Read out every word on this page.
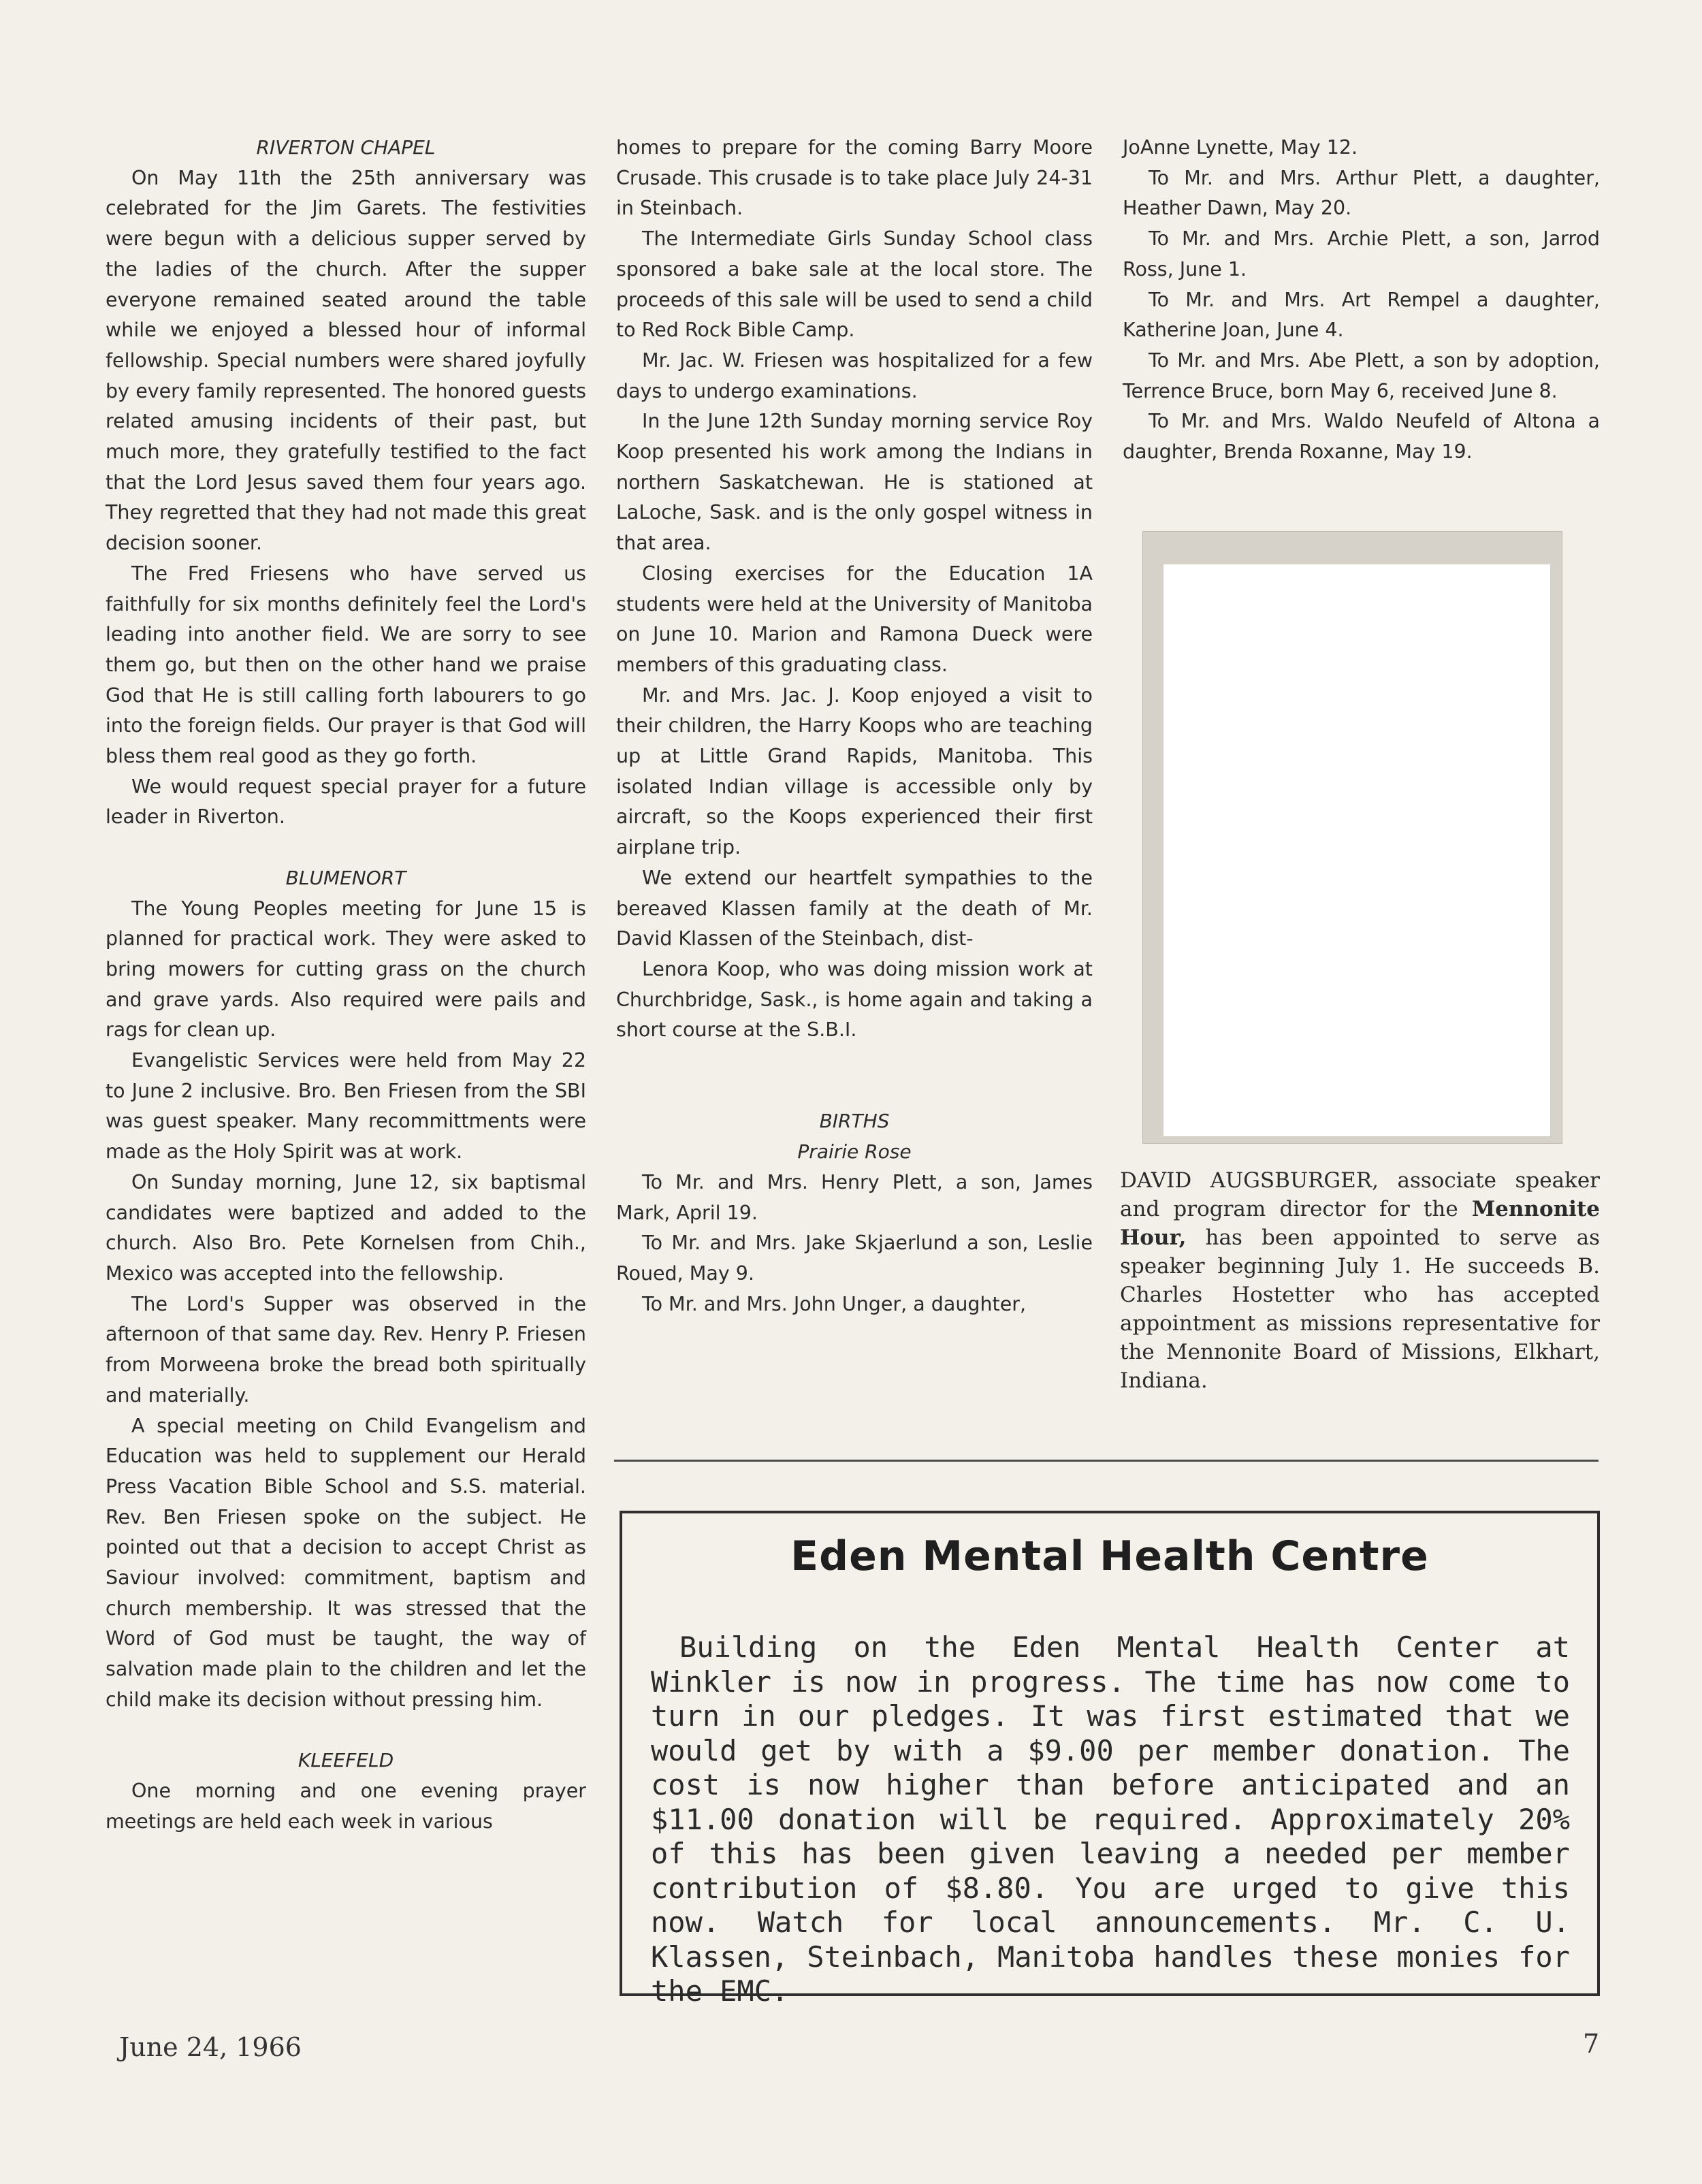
RIVERTON CHAPEL

On May 11th the 25th anniversary was celebrated for the Jim Garets. The festivities were begun with a delicious supper served by the ladies of the church. After the supper everyone remained seated around the table while we enjoyed a blessed hour of informal fellowship. Special numbers were shared joyfully by every family represented. The honored guests related amusing incidents of their past, but much more, they gratefully testified to the fact that the Lord Jesus saved them four years ago. They regretted that they had not made this great decision sooner.

The Fred Friesens who have served us faithfully for six months definitely feel the Lord's leading into another field. We are sorry to see them go, but then on the other hand we praise God that He is still calling forth labourers to go into the foreign fields. Our prayer is that God will bless them real good as they go forth.

We would request special prayer for a future leader in Riverton.

BLUMENORT

The Young Peoples meeting for June 15 is planned for practical work. They were asked to bring mowers for cutting grass on the church and grave yards. Also required were pails and rags for clean up.

Evangelistic Services were held from May 22 to June 2 inclusive. Bro. Ben Friesen from the SBI was guest speaker. Many recommittments were made as the Holy Spirit was at work.

On Sunday morning, June 12, six baptismal candidates were baptized and added to the church. Also Bro. Pete Kornelsen from Chih., Mexico was accepted into the fellowship.

The Lord's Supper was observed in the afternoon of that same day. Rev. Henry P. Friesen from Morweena broke the bread both spiritually and materially.

A special meeting on Child Evangelism and Education was held to supplement our Herald Press Vacation Bible School and S.S. material. Rev. Ben Friesen spoke on the subject. He pointed out that a decision to accept Christ as Saviour involved: commitment, baptism and church membership. It was stressed that the Word of God must be taught, the way of salvation made plain to the children and let the child make its decision without pressing him.

KLEEFELD

One morning and one evening prayer meetings are held each week in various

homes to prepare for the coming Barry Moore Crusade. This crusade is to take place July 24-31 in Steinbach.

The Intermediate Girls Sunday School class sponsored a bake sale at the local store. The proceeds of this sale will be used to send a child to Red Rock Bible Camp.

Mr. Jac. W. Friesen was hospitalized for a few days to undergo examinations.

In the June 12th Sunday morning service Roy Koop presented his work among the Indians in northern Saskatchewan. He is stationed at LaLoche, Sask. and is the only gospel witness in that area.

Closing exercises for the Education 1A students were held at the University of Manitoba on June 10. Marion and Ramona Dueck were members of this graduating class.

Mr. and Mrs. Jac. J. Koop enjoyed a visit to their children, the Harry Koops who are teaching up at Little Grand Rapids, Manitoba. This isolated Indian village is accessible only by aircraft, so the Koops experienced their first airplane trip.

We extend our heartfelt sympathies to the bereaved Klassen family at the death of Mr. David Klassen of the Steinbach, dist-

Lenora Koop, who was doing mission work at Churchbridge, Sask., is home again and taking a short course at the S.B.I.

BIRTHS
Prairie Rose

To Mr. and Mrs. Henry Plett, a son, James Mark, April 19.

To Mr. and Mrs. Jake Skjaerlund a son, Leslie Roued, May 9.

To Mr. and Mrs. John Unger, a daughter,

JoAnne Lynette, May 12.

To Mr. and Mrs. Arthur Plett, a daughter, Heather Dawn, May 20.

To Mr. and Mrs. Archie Plett, a son, Jarrod Ross, June 1.

To Mr. and Mrs. Art Rempel a daughter, Katherine Joan, June 4.

To Mr. and Mrs. Abe Plett, a son by adoption, Terrence Bruce, born May 6, received June 8.

To Mr. and Mrs. Waldo Neufeld of Altona a daughter, Brenda Roxanne, May 19.

DAVID AUGSBURGER, associate speaker and program director for the Mennonite Hour, has been appointed to serve as speaker beginning July 1. He succeeds B. Charles Hostetter who has accepted appointment as missions representative for the Mennonite Board of Missions, Elkhart, Indiana.
Eden Mental Health Centre
Building on the Eden Mental Health Center at Winkler is now in progress. The time has now come to turn in our pledges. It was first estimated that we would get by with a $9.00 per member donation. The cost is now higher than before anticipated and an $11.00 donation will be required. Approximately 20% of this has been given leaving a needed per member contribution of $8.80. You are urged to give this now. Watch for local announcements. Mr. C. U. Klassen, Steinbach, Manitoba handles these monies for the EMC.
June 24, 1966	7
